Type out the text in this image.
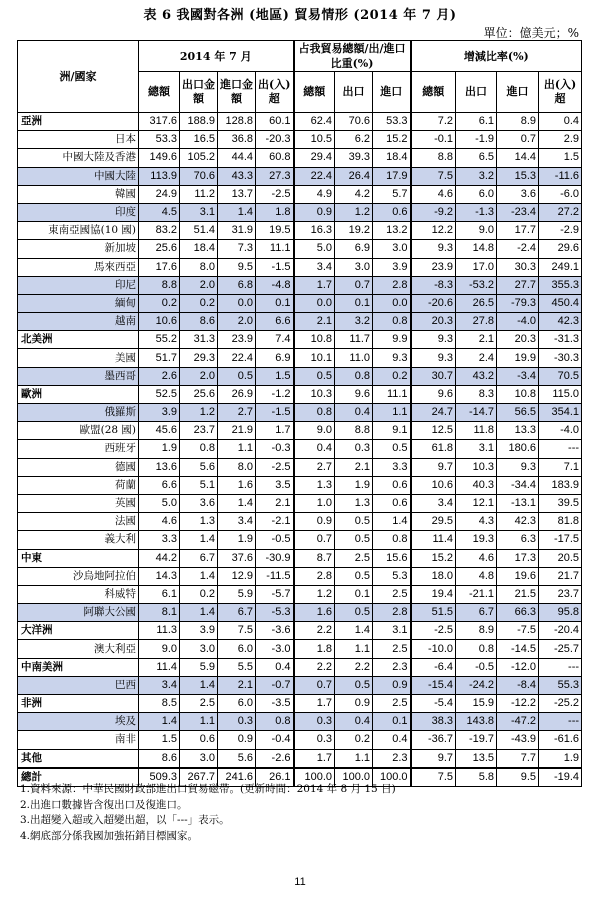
表 6 我國對各洲 (地區) 貿易情形 (2014 年 7 月)
單位：億美元；%
洲/國家	2014 年 7 月				占我貿易總額/出/進口比重(%)			增減比率(%)			
	總額	出口金額	進口金額	出(入)超	總額	出口	進口	總額	出口	進口	出(入)超
亞洲	317.6	188.9	128.8	60.1	62.4	70.6	53.3	7.2	6.1	8.9	0.4
日本	53.3	16.5	36.8	-20.3	10.5	6.2	15.2	-0.1	-1.9	0.7	2.9
中國大陸及香港	149.6	105.2	44.4	60.8	29.4	39.3	18.4	8.8	6.5	14.4	1.5
中國大陸	113.9	70.6	43.3	27.3	22.4	26.4	17.9	7.5	3.2	15.3	-11.6
韓國	24.9	11.2	13.7	-2.5	4.9	4.2	5.7	4.6	6.0	3.6	-6.0
印度	4.5	3.1	1.4	1.8	0.9	1.2	0.6	-9.2	-1.3	-23.4	27.2
東南亞國協(10 國)	83.2	51.4	31.9	19.5	16.3	19.2	13.2	12.2	9.0	17.7	-2.9
新加坡	25.6	18.4	7.3	11.1	5.0	6.9	3.0	9.3	14.8	-2.4	29.6
馬來西亞	17.6	8.0	9.5	-1.5	3.4	3.0	3.9	23.9	17.0	30.3	249.1
印尼	8.8	2.0	6.8	-4.8	1.7	0.7	2.8	-8.3	-53.2	27.7	355.3
緬甸	0.2	0.2	0.0	0.1	0.0	0.1	0.0	-20.6	26.5	-79.3	450.4
越南	10.6	8.6	2.0	6.6	2.1	3.2	0.8	20.3	27.8	-4.0	42.3
北美洲	55.2	31.3	23.9	7.4	10.8	11.7	9.9	9.3	2.1	20.3	-31.3
美國	51.7	29.3	22.4	6.9	10.1	11.0	9.3	9.3	2.4	19.9	-30.3
墨西哥	2.6	2.0	0.5	1.5	0.5	0.8	0.2	30.7	43.2	-3.4	70.5
歐洲	52.5	25.6	26.9	-1.2	10.3	9.6	11.1	9.6	8.3	10.8	115.0
俄羅斯	3.9	1.2	2.7	-1.5	0.8	0.4	1.1	24.7	-14.7	56.5	354.1
歐盟(28 國)	45.6	23.7	21.9	1.7	9.0	8.8	9.1	12.5	11.8	13.3	-4.0
西班牙	1.9	0.8	1.1	-0.3	0.4	0.3	0.5	61.8	3.1	180.6	---
德國	13.6	5.6	8.0	-2.5	2.7	2.1	3.3	9.7	10.3	9.3	7.1
荷蘭	6.6	5.1	1.6	3.5	1.3	1.9	0.6	10.6	40.3	-34.4	183.9
英國	5.0	3.6	1.4	2.1	1.0	1.3	0.6	3.4	12.1	-13.1	39.5
法國	4.6	1.3	3.4	-2.1	0.9	0.5	1.4	29.5	4.3	42.3	81.8
義大利	3.3	1.4	1.9	-0.5	0.7	0.5	0.8	11.4	19.3	6.3	-17.5
中東	44.2	6.7	37.6	-30.9	8.7	2.5	15.6	15.2	4.6	17.3	20.5
沙烏地阿拉伯	14.3	1.4	12.9	-11.5	2.8	0.5	5.3	18.0	4.8	19.6	21.7
科威特	6.1	0.2	5.9	-5.7	1.2	0.1	2.5	19.4	-21.1	21.5	23.7
阿聯大公國	8.1	1.4	6.7	-5.3	1.6	0.5	2.8	51.5	6.7	66.3	95.8
大洋洲	11.3	3.9	7.5	-3.6	2.2	1.4	3.1	-2.5	8.9	-7.5	-20.4
澳大利亞	9.0	3.0	6.0	-3.0	1.8	1.1	2.5	-10.0	0.8	-14.5	-25.7
中南美洲	11.4	5.9	5.5	0.4	2.2	2.2	2.3	-6.4	-0.5	-12.0	---
巴西	3.4	1.4	2.1	-0.7	0.7	0.5	0.9	-15.4	-24.2	-8.4	55.3
非洲	8.5	2.5	6.0	-3.5	1.7	0.9	2.5	-5.4	15.9	-12.2	-25.2
埃及	1.4	1.1	0.3	0.8	0.3	0.4	0.1	38.3	143.8	-47.2	---
南非	1.5	0.6	0.9	-0.4	0.3	0.2	0.4	-36.7	-19.7	-43.9	-61.6
其他	8.6	3.0	5.6	-2.6	1.7	1.1	2.3	9.7	13.5	7.7	1.9
總計	509.3	267.7	241.6	26.1	100.0	100.0	100.0	7.5	5.8	9.5	-19.4
1.資料來源：中華民國財政部進出口貿易磁帶。(更新時間：2014 年 8 月 15 日)
2.出進口數據皆含復出口及復進口。
3.出超變入超或入超變出超，以「---」表示。
4.網底部分係我國加強拓銷目標國家。
11
